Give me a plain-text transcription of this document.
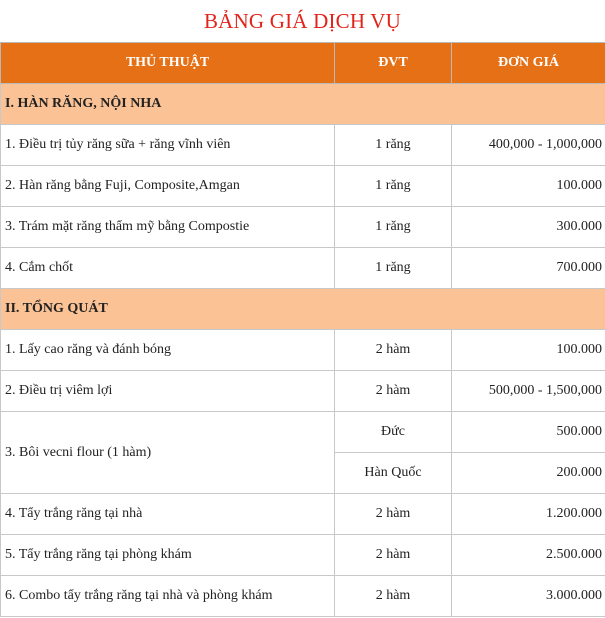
BẢNG GIÁ DỊCH VỤ
THỦ THUẬT	ĐVT	ĐƠN GIÁ
I. HÀN RĂNG, NỘI NHA		
1. Điều trị tủy răng sữa + răng vĩnh viên	1 răng	400,000 - 1,000,000
2. Hàn răng bằng Fuji, Composite,Amgan	1 răng	100.000
3. Trám mặt răng thẩm mỹ bằng Compostie	1 răng	300.000
4. Cắm chốt	1 răng	700.000
II. TỔNG QUÁT		
1. Lấy cao răng và đánh bóng	2 hàm	100.000
2. Điều trị viêm lợi	2 hàm	500,000 - 1,500,000
3. Bôi vecni flour (1 hàm)	Đức	500.000
	Hàn Quốc	200.000
4. Tẩy trắng răng tại nhà	2 hàm	1.200.000
5. Tẩy trắng răng tại phòng khám	2 hàm	2.500.000
6. Combo tẩy trắng răng tại nhà và phòng khám	2 hàm	3.000.000
